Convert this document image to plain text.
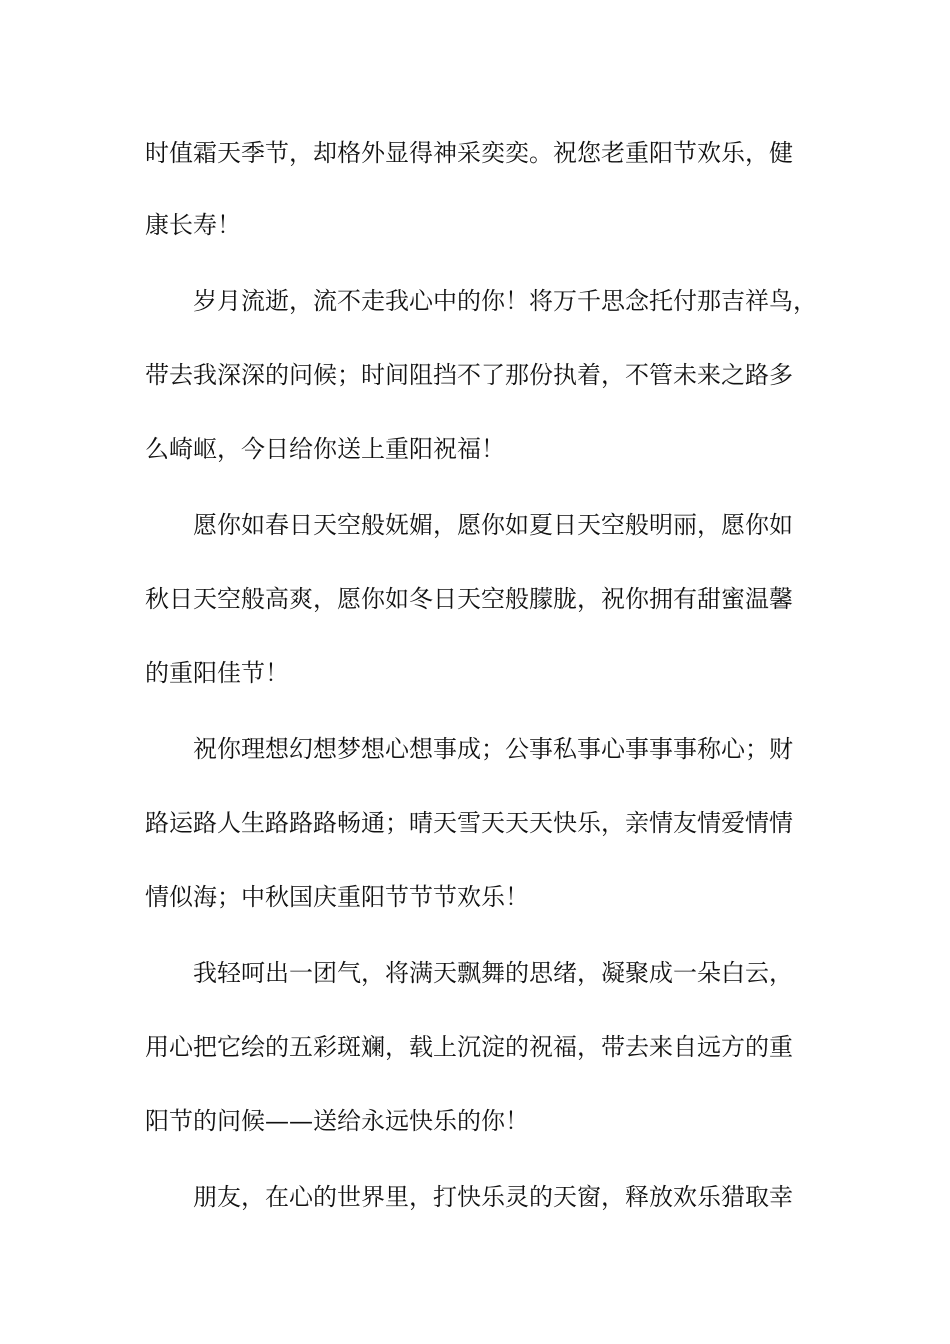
时值霜天季节，却格外显得神采奕奕。祝您老重阳节欢乐，健
康长寿！
岁月流逝，流不走我心中的你！将万千思念托付那吉祥鸟，
带去我深深的问候；时间阻挡不了那份执着，不管未来之路多
么崎岖，今日给你送上重阳祝福！
愿你如春日天空般妩媚，愿你如夏日天空般明丽，愿你如
秋日天空般高爽，愿你如冬日天空般朦胧，祝你拥有甜蜜温馨
的重阳佳节！
祝你理想幻想梦想心想事成；公事私事心事事事称心；财
路运路人生路路路畅通；晴天雪天天天快乐，亲情友情爱情情
情似海；中秋国庆重阳节节节欢乐！
我轻呵出一团气，将满天飘舞的思绪，凝聚成一朵白云，
用心把它绘的五彩斑斓，载上沉淀的祝福，带去来自远方的重
阳节的问候——送给永远快乐的你！
朋友，在心的世界里，打快乐灵的天窗，释放欢乐猎取幸
